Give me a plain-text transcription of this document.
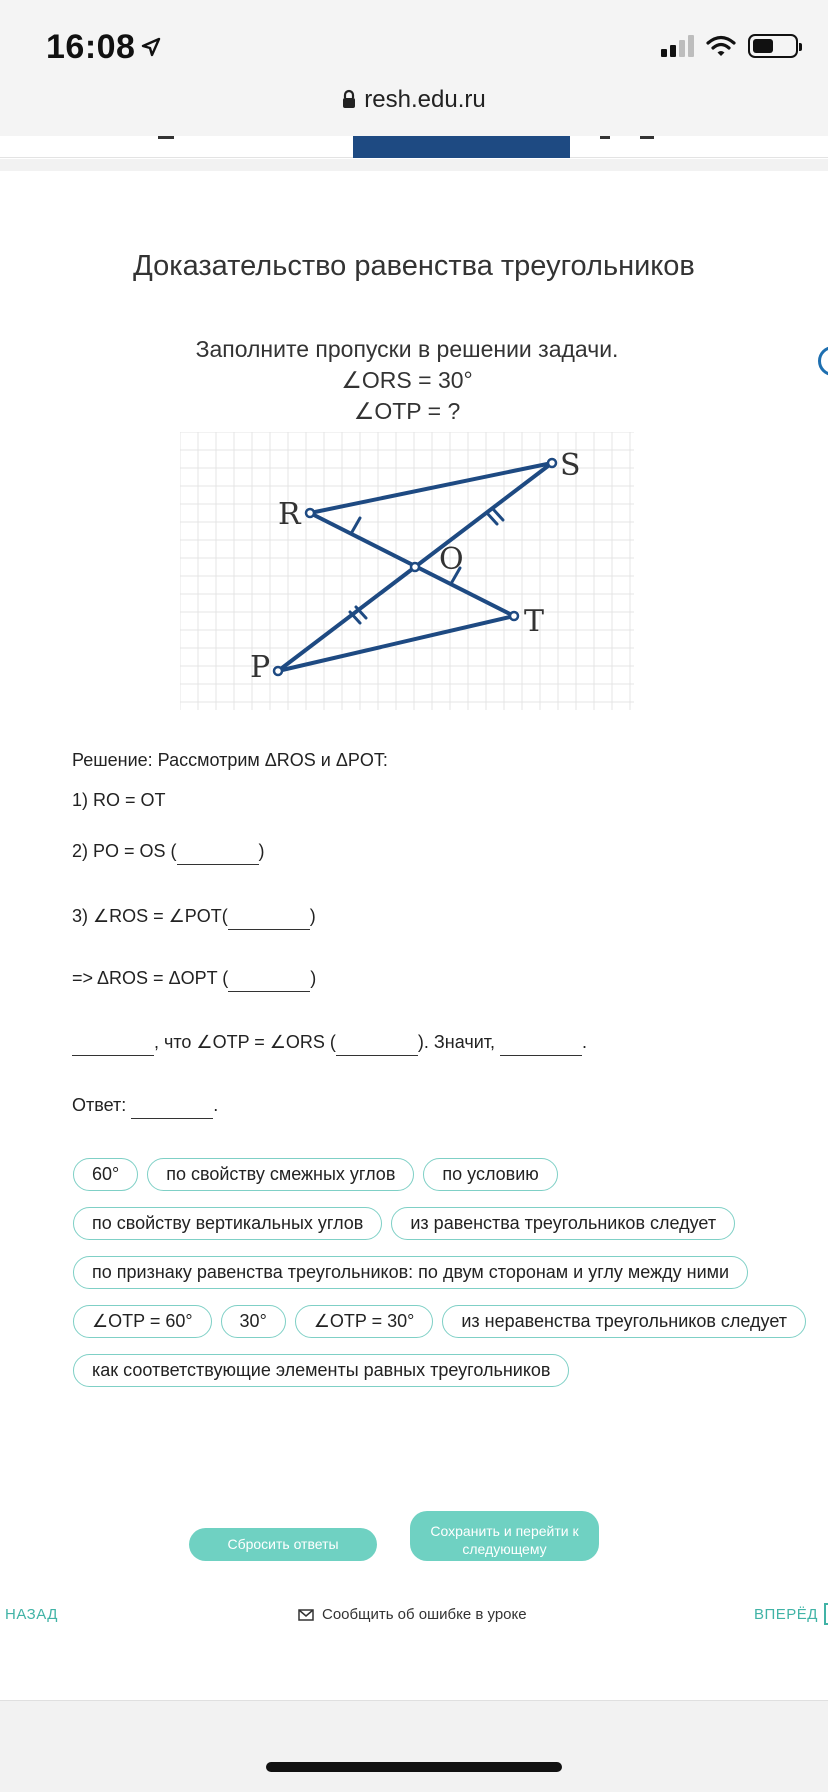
16:08
resh.edu.ru
Доказательство равенства треугольников
Заполните пропуски в решении задачи.
∠ORS = 30°
∠OTP = ?
R
S
O
T
P
Решение: Рассмотрим ΔROS и ΔPOT:
1) RO = OT
2) PO = OS (	)
3) ∠ROS = ∠POT(	)
=> ΔROS = ΔOPT (	)
, что ∠OTP = ∠ORS (	). Значит,	.
Ответ:	.
60°	по свойству смежных углов	по условию
по свойству вертикальных углов	из равенства треугольников следует
по признаку равенства треугольников: по двум сторонам и углу между ними
∠OTP = 60°	30°	∠OTP = 30°	из неравенства треугольников следует
как соответствующие элементы равных треугольников
Сбросить ответы
Сохранить и перейти к следующему
НАЗАД	Сообщить об ошибке в уроке	ВПЕРЁД
